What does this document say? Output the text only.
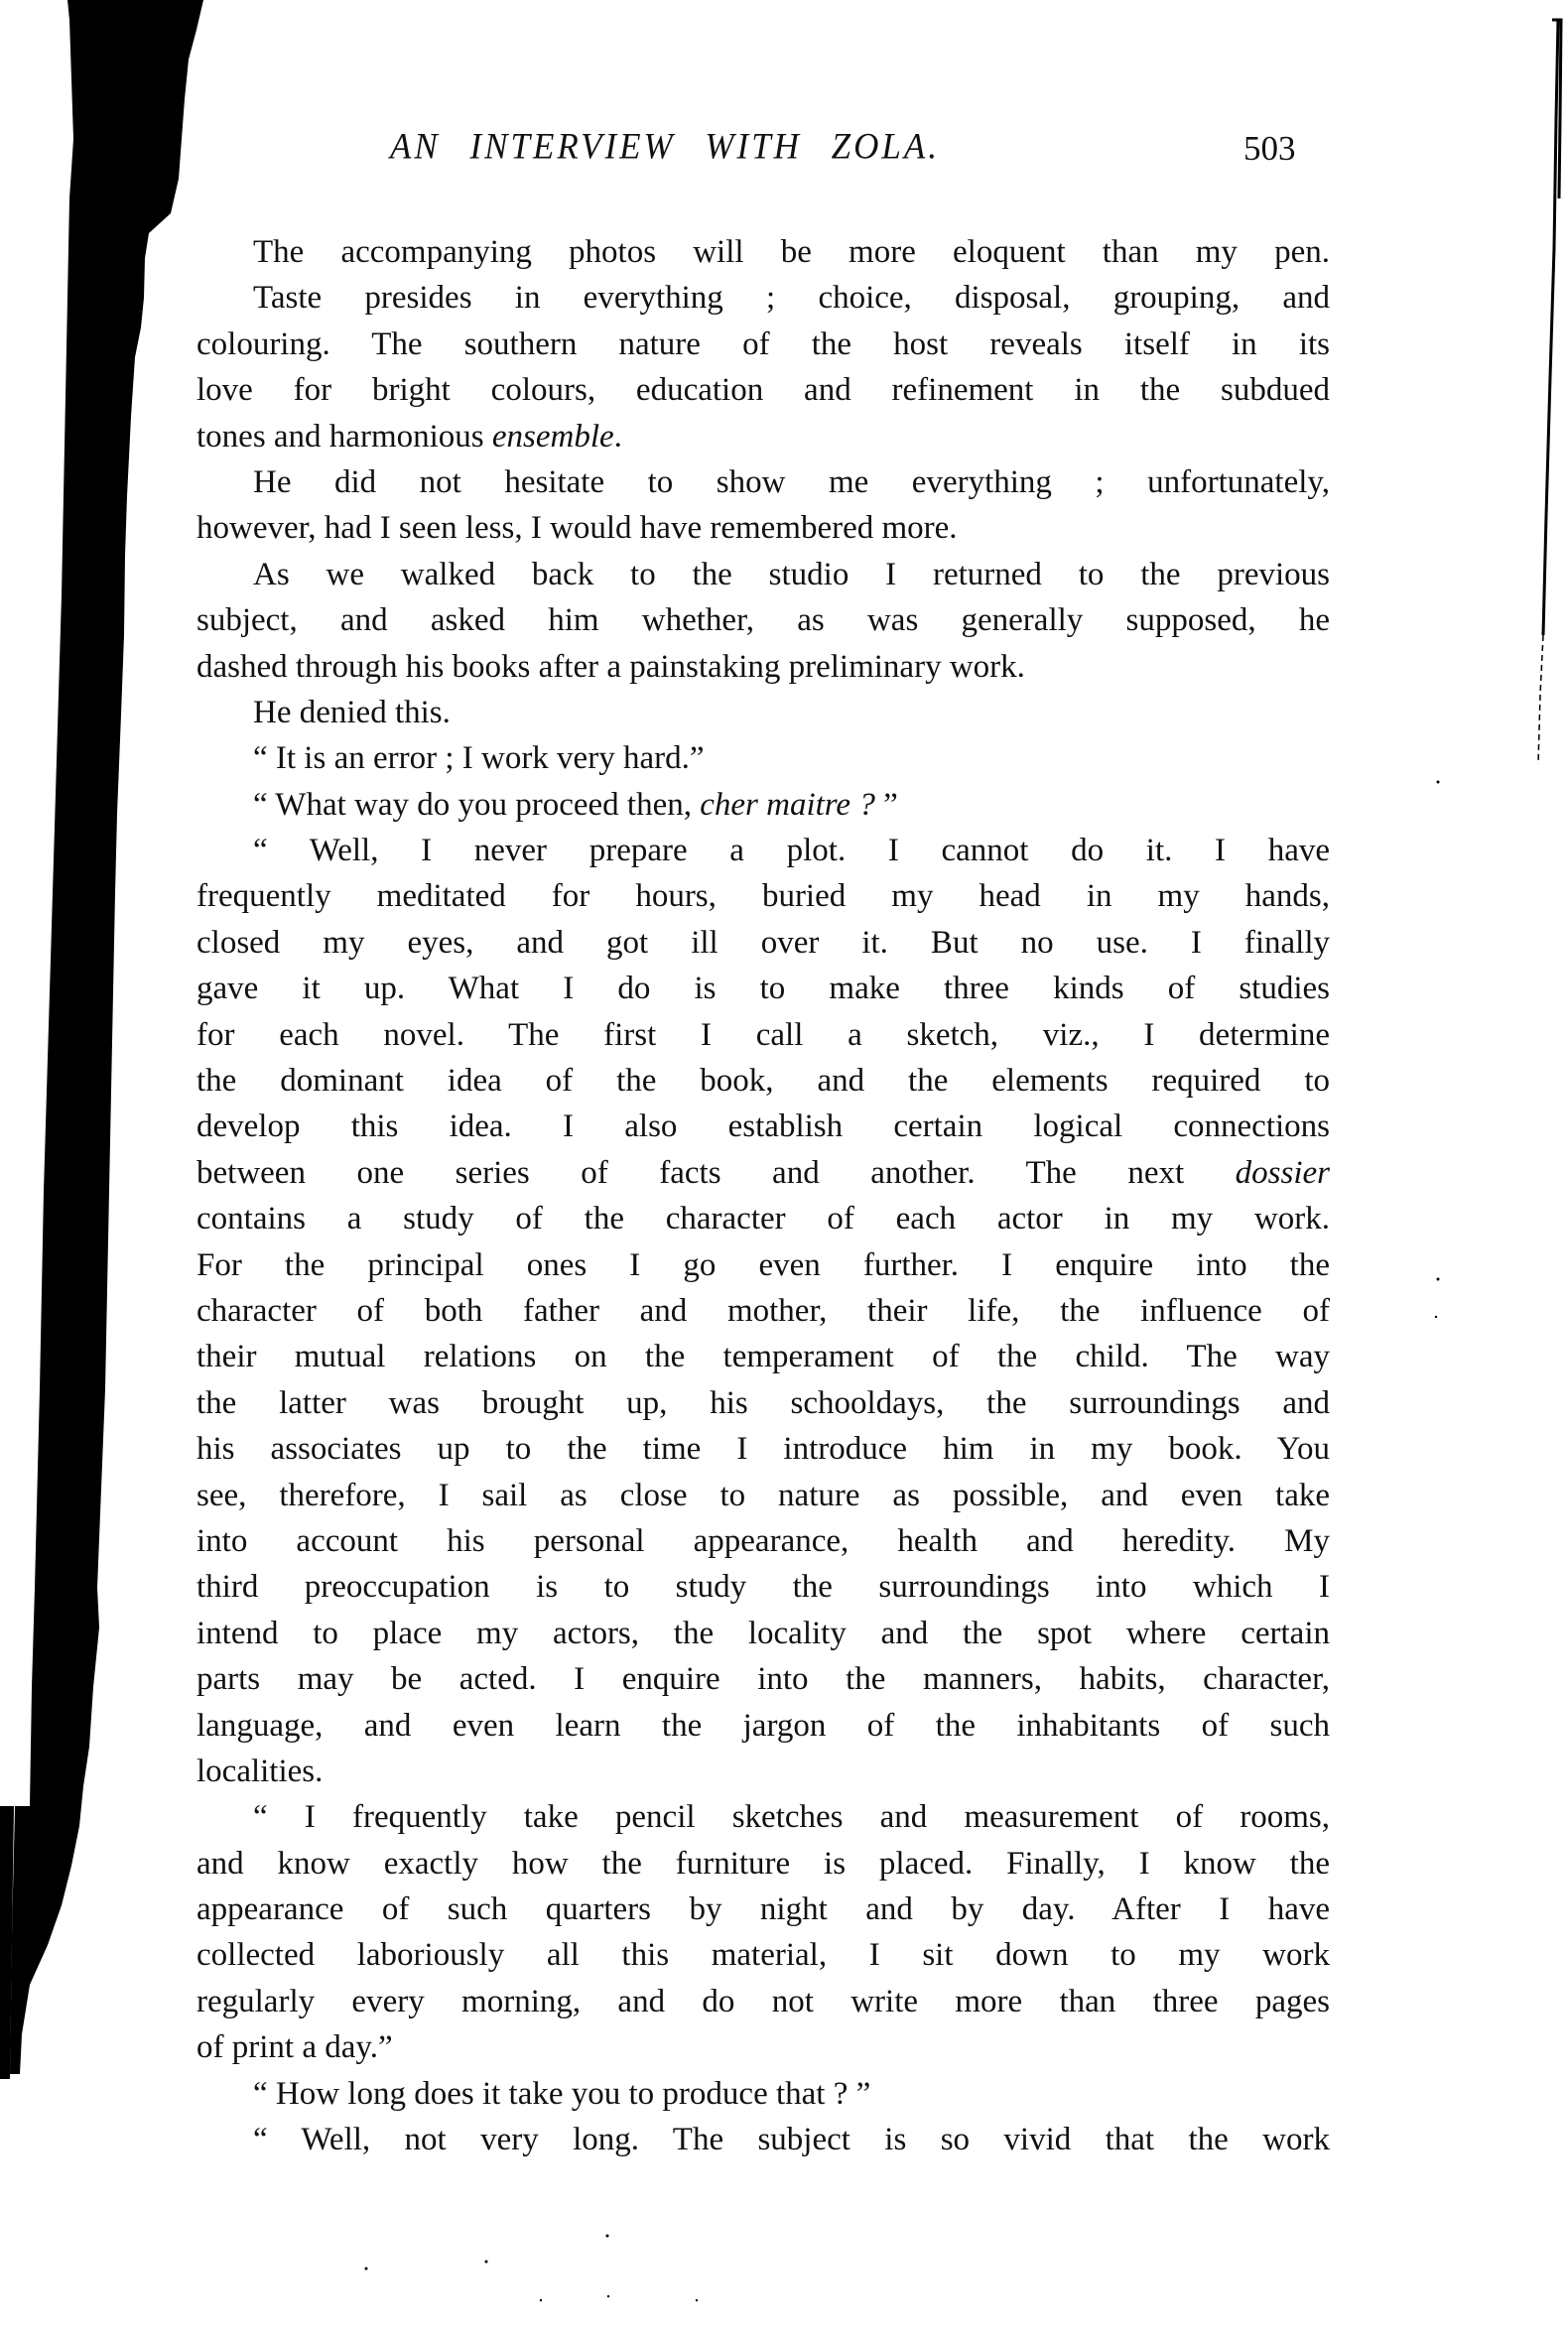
AN INTERVIEW WITH ZOLA.	503
The accompanying photos will be more eloquent than my pen.
Taste presides in everything ; choice, disposal, grouping, and
colouring. The southern nature of the host reveals itself in its
love for bright colours, education and refinement in the subdued
tones and harmonious ensemble.
He did not hesitate to show me everything ; unfortunately,
however, had I seen less, I would have remembered more.
As we walked back to the studio I returned to the previous
subject, and asked him whether, as was generally supposed, he
dashed through his books after a painstaking preliminary work.
He denied this.
“ It is an error ; I work very hard.”
“ What way do you proceed then, cher maitre ? ”
“ Well, I never prepare a plot. I cannot do it. I have
frequently meditated for hours, buried my head in my hands,
closed my eyes, and got ill over it. But no use. I finally
gave it up. What I do is to make three kinds of studies
for each novel. The first I call a sketch, viz., I determine
the dominant idea of the book, and the elements required to
develop this idea. I also establish certain logical connections
between one series of facts and another. The next dossier
contains a study of the character of each actor in my work.
For the principal ones I go even further. I enquire into the
character of both father and mother, their life, the influence of
their mutual relations on the temperament of the child. The way
the latter was brought up, his schooldays, the surroundings and
his associates up to the time I introduce him in my book. You
see, therefore, I sail as close to nature as possible, and even take
into account his personal appearance, health and heredity. My
third preoccupation is to study the surroundings into which I
intend to place my actors, the locality and the spot where certain
parts may be acted. I enquire into the manners, habits, character,
language, and even learn the jargon of the inhabitants of such
localities.
“ I frequently take pencil sketches and measurement of rooms,
and know exactly how the furniture is placed. Finally, I know the
appearance of such quarters by night and by day. After I have
collected laboriously all this material, I sit down to my work
regularly every morning, and do not write more than three pages
of print a day.”
“ How long does it take you to produce that ? ”
“ Well, not very long. The subject is so vivid that the work
